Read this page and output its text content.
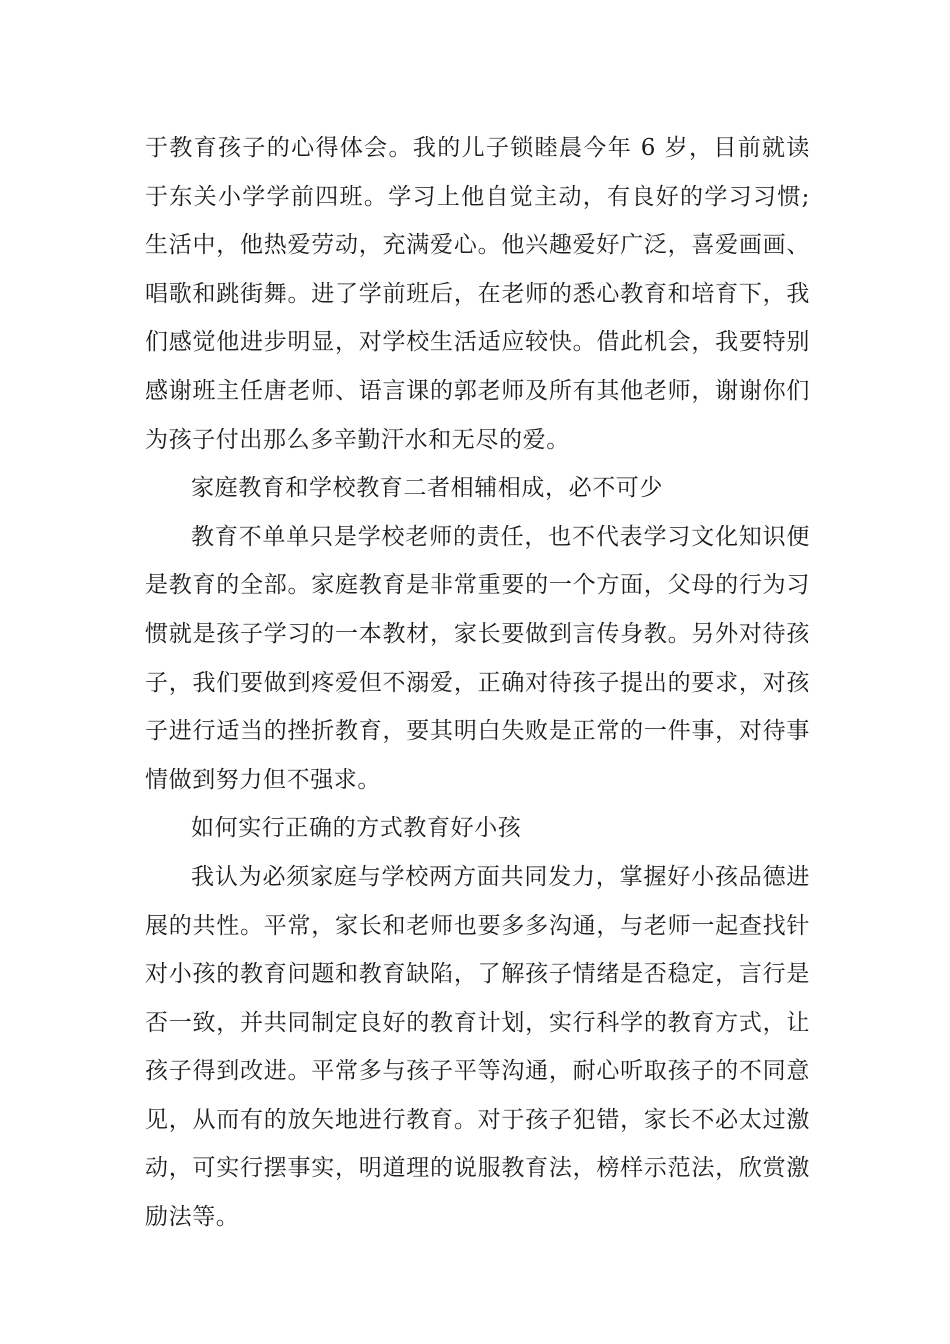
于教育孩子的心得体会。我的儿子锁睦晨今年 6 岁，目前就读于东关小学学前四班。学习上他自觉主动，有良好的学习习惯;生活中，他热爱劳动，充满爱心。他兴趣爱好广泛，喜爱画画、唱歌和跳街舞。进了学前班后，在老师的悉心教育和培育下，我们感觉他进步明显，对学校生活适应较快。借此机会，我要特别感谢班主任唐老师、语言课的郭老师及所有其他老师，谢谢你们为孩子付出那么多辛勤汗水和无尽的爱。

家庭教育和学校教育二者相辅相成，必不可少

教育不单单只是学校老师的责任，也不代表学习文化知识便是教育的全部。家庭教育是非常重要的一个方面，父母的行为习惯就是孩子学习的一本教材，家长要做到言传身教。另外对待孩子，我们要做到疼爱但不溺爱，正确对待孩子提出的要求，对孩子进行适当的挫折教育，要其明白失败是正常的一件事，对待事情做到努力但不强求。

如何实行正确的方式教育好小孩

我认为必须家庭与学校两方面共同发力，掌握好小孩品德进展的共性。平常，家长和老师也要多多沟通，与老师一起查找针对小孩的教育问题和教育缺陷，了解孩子情绪是否稳定，言行是否一致，并共同制定良好的教育计划，实行科学的教育方式，让孩子得到改进。平常多与孩子平等沟通，耐心听取孩子的不同意见，从而有的放矢地进行教育。对于孩子犯错，家长不必太过激动，可实行摆事实，明道理的说服教育法，榜样示范法，欣赏激励法等。
